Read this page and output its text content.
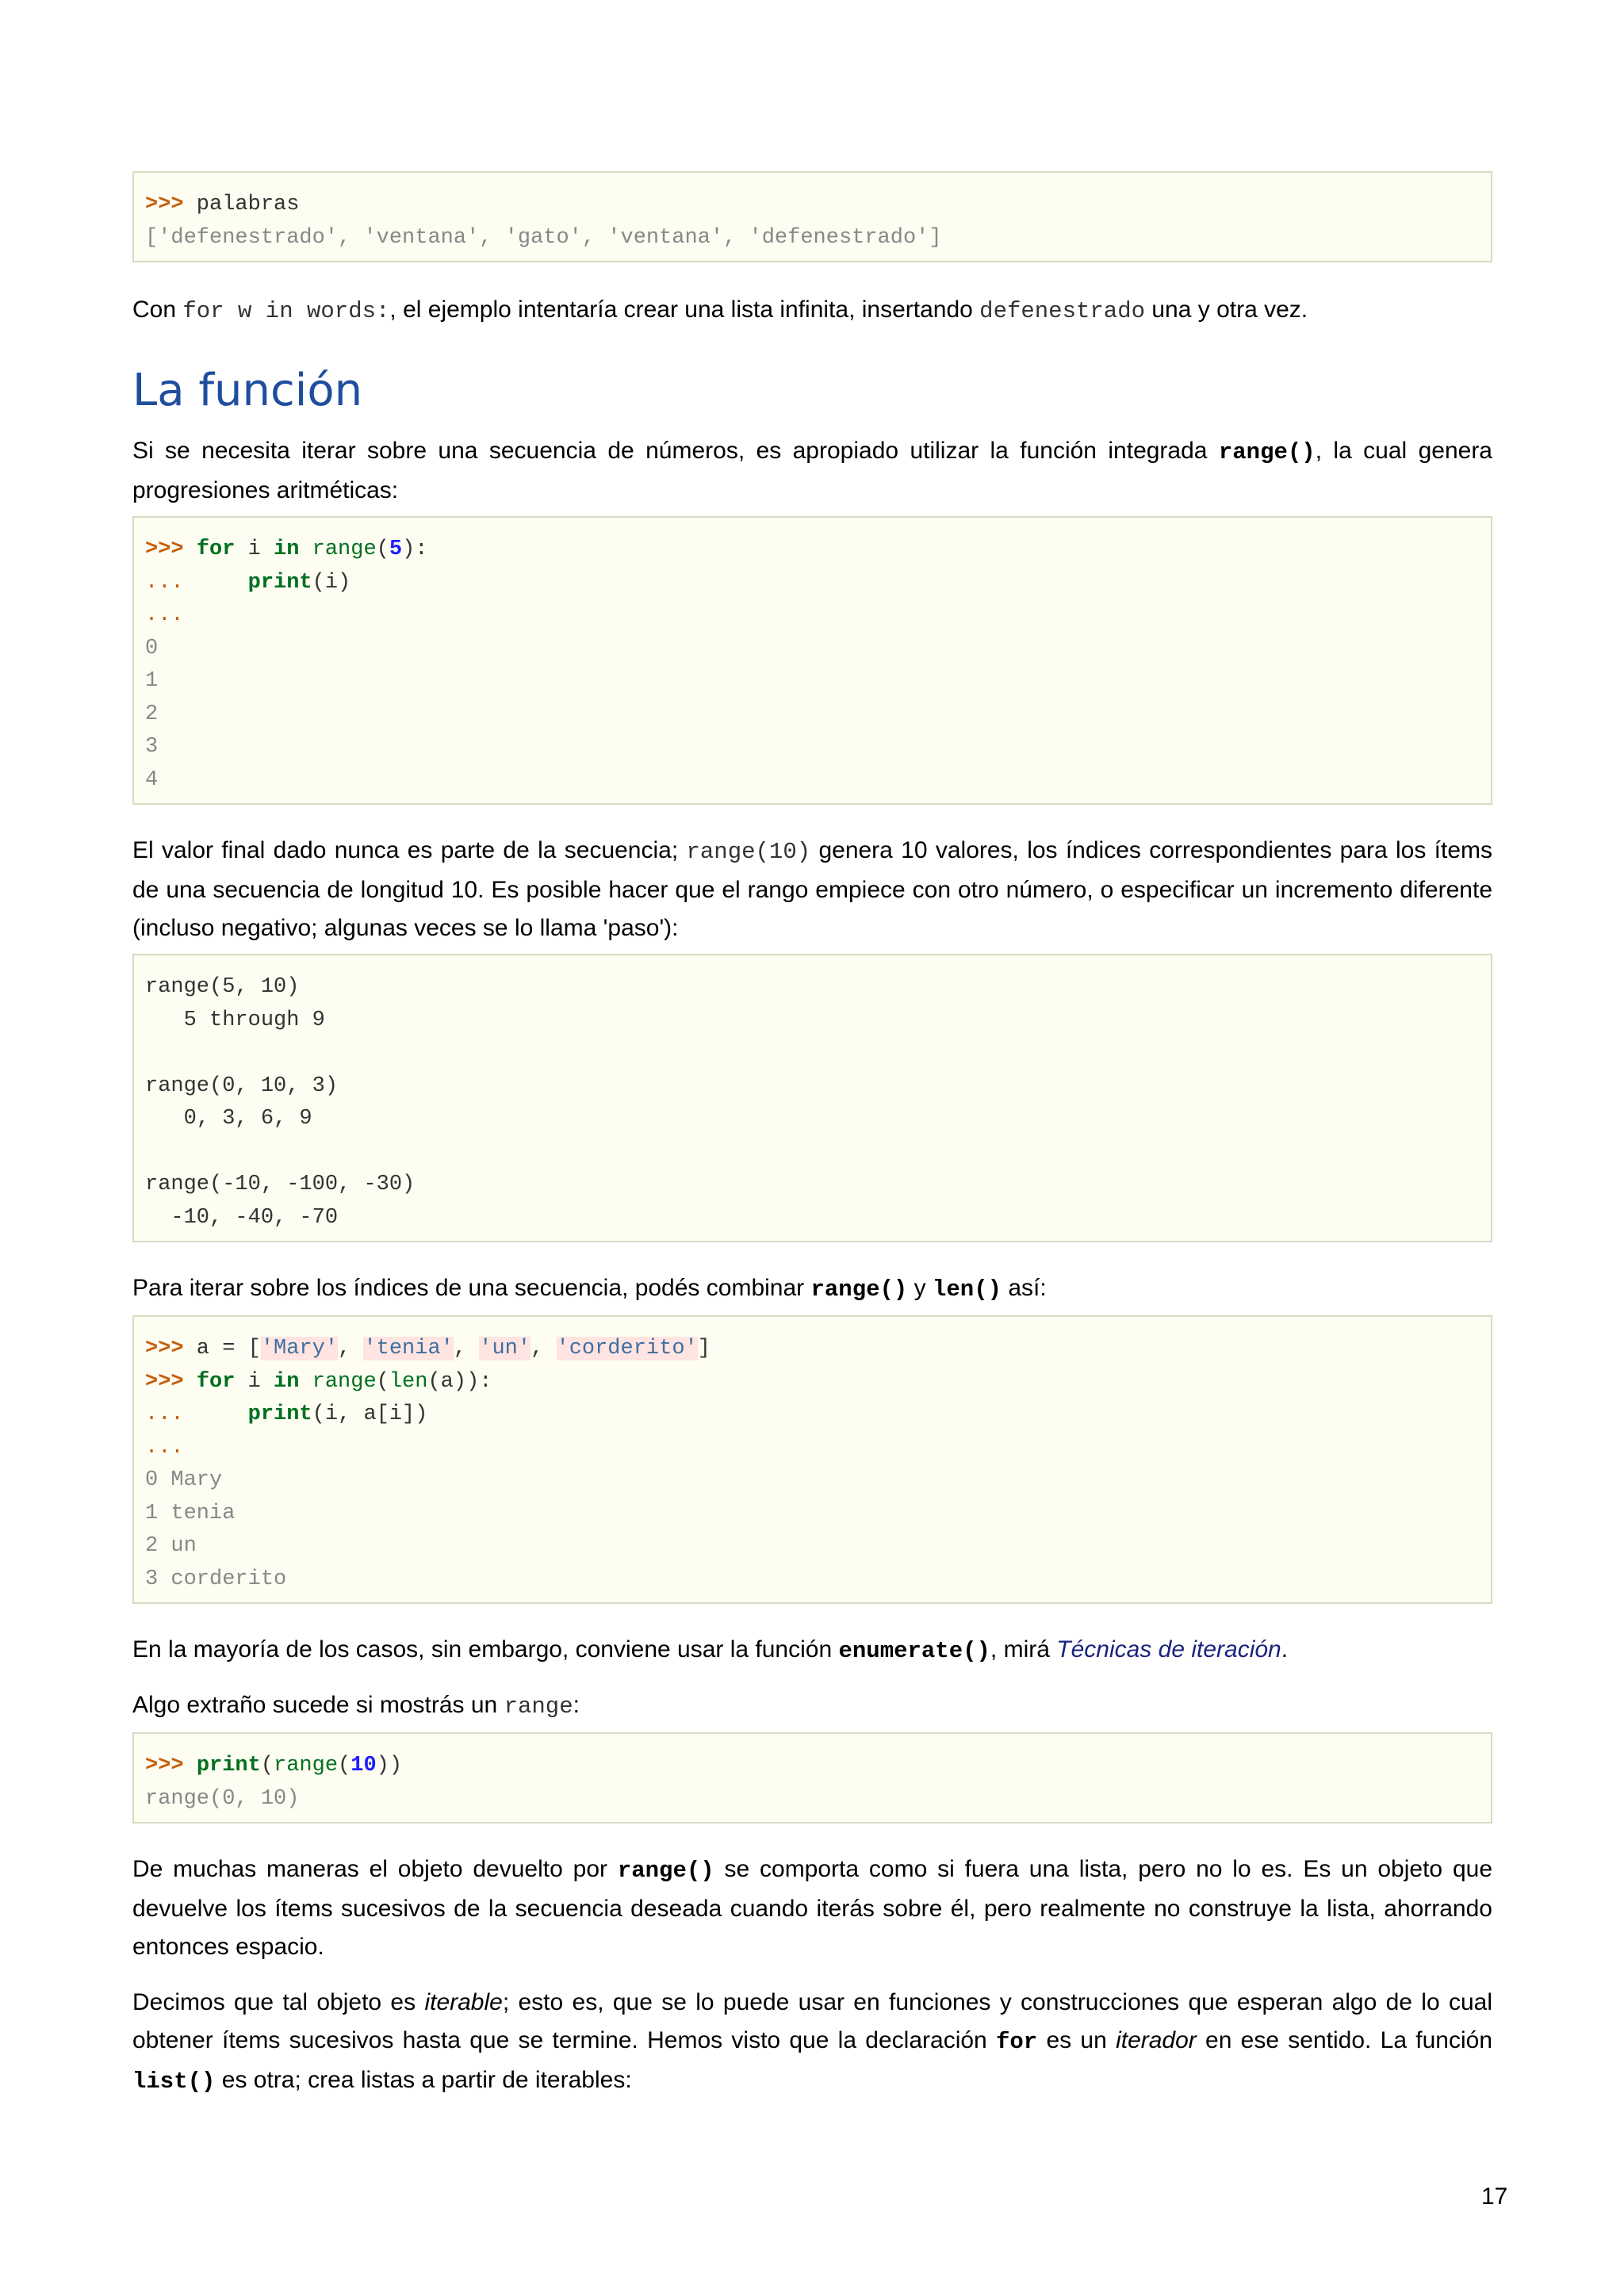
>>> palabras
['defenestrado', 'ventana', 'gato', 'ventana', 'defenestrado']

Con for w in words:, el ejemplo intentaría crear una lista infinita, insertando defenestrado una y otra vez.

La función

Si se necesita iterar sobre una secuencia de números, es apropiado utilizar la función integrada range(), la cual genera progresiones aritméticas:

>>> for i in range(5):
...	print(i)
...
0
1
2
3
4

El valor final dado nunca es parte de la secuencia; range(10) genera 10 valores, los índices correspondientes para los ítems de una secuencia de longitud 10. Es posible hacer que el rango empiece con otro número, o especificar un incremento diferente (incluso negativo; algunas veces se lo llama 'paso'):

range(5, 10)
5 through 9

range(0, 10, 3)
0, 3, 6, 9

range(-10, -100, -30)
-10, -40, -70

Para iterar sobre los índices de una secuencia, podés combinar range() y len() así:

>>> a = ['Mary', 'tenia', 'un', 'corderito']
>>> for i in range(len(a)):
...	print(i, a[i])
...
0 Mary
1 tenia
2 un
3 corderito

En la mayoría de los casos, sin embargo, conviene usar la función enumerate(), mirá Técnicas de iteración.

Algo extraño sucede si mostrás un range:

>>> print(range(10))
range(0, 10)

De muchas maneras el objeto devuelto por range() se comporta como si fuera una lista, pero no lo es. Es un objeto que devuelve los ítems sucesivos de la secuencia deseada cuando iterás sobre él, pero realmente no construye la lista, ahorrando entonces espacio.

Decimos que tal objeto es iterable; esto es, que se lo puede usar en funciones y construcciones que esperan algo de lo cual obtener ítems sucesivos hasta que se termine. Hemos visto que la declaración for es un iterador en ese sentido. La función list() es otra; crea listas a partir de iterables:

17
